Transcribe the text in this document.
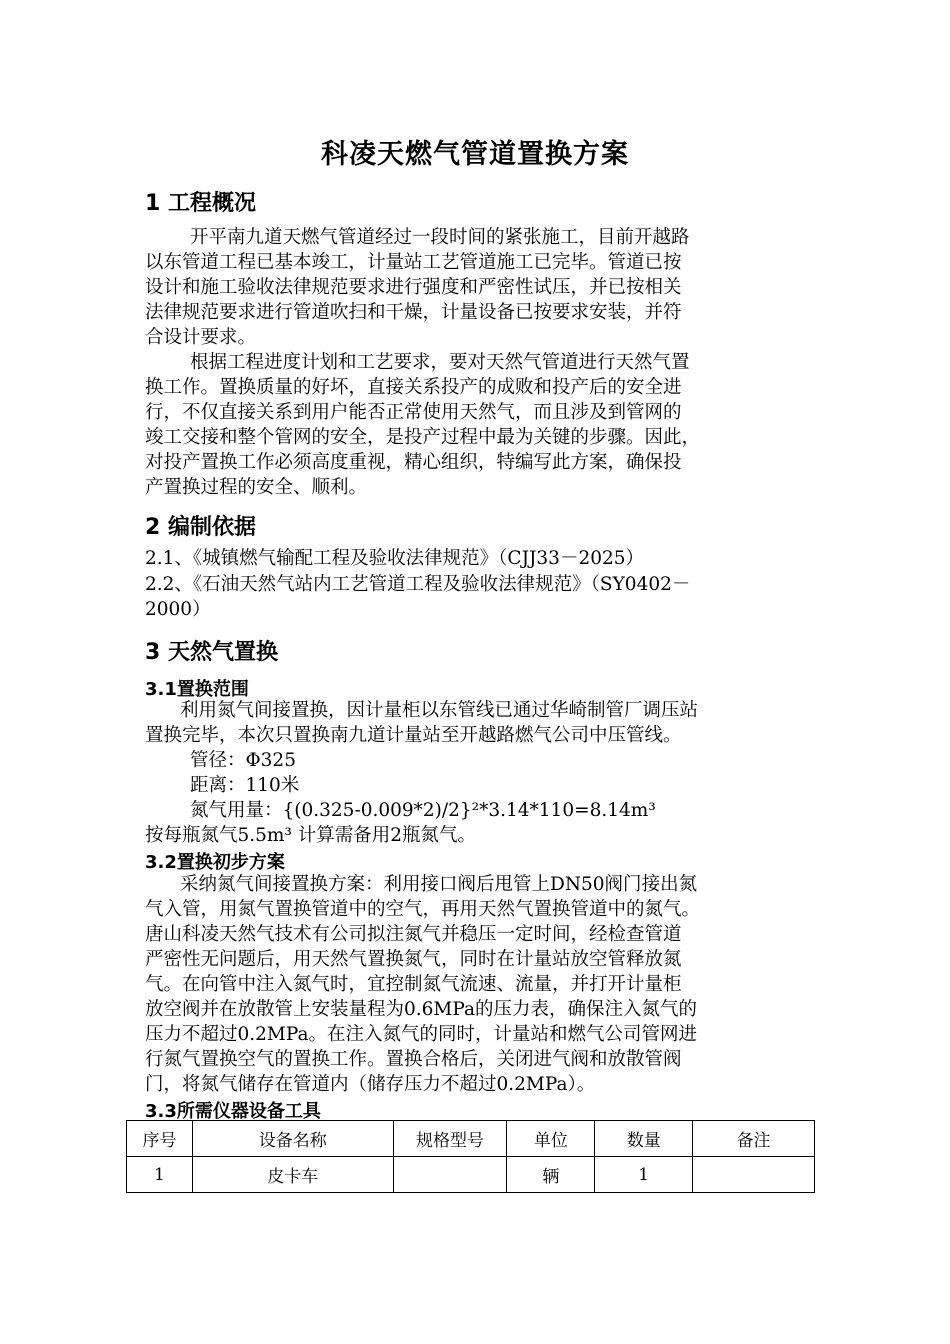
科凌天燃气管道置换方案
1 工程概况
开平南九道天燃气管道经过一段时间的紧张施工，目前开越路
以东管道工程已基本竣工，计量站工艺管道施工已完毕。管道已按
设计和施工验收法律规范要求进行强度和严密性试压，并已按相关
法律规范要求进行管道吹扫和干燥，计量设备已按要求安装，并符
合设计要求。
根据工程进度计划和工艺要求，要对天然气管道进行天然气置
换工作。置换质量的好坏，直接关系投产的成败和投产后的安全进
行，不仅直接关系到用户能否正常使用天然气，而且涉及到管网的
竣工交接和整个管网的安全，是投产过程中最为关键的步骤。因此，
对投产置换工作必须高度重视，精心组织，特编写此方案，确保投
产置换过程的安全、顺利。
2 编制依据
2.1、《城镇燃气输配工程及验收法律规范》（CJJ33－2025）
2.2、《石油天然气站内工艺管道工程及验收法律规范》（SY0402－
2000）
3 天然气置换
3.1置换范围
利用氮气间接置换，因计量柜以东管线已通过华崎制管厂调压站
置换完毕，本次只置换南九道计量站至开越路燃气公司中压管线。
管径：Φ325
距离：110米
氮气用量：{(0.325-0.009*2)/2}²*3.14*110=8.14m³
按每瓶氮气5.5m³ 计算需备用2瓶氮气。
3.2置换初步方案
采纳氮气间接置换方案：利用接口阀后甩管上DN50阀门接出氮
气入管，用氮气置换管道中的空气，再用天然气置换管道中的氮气。
唐山科凌天然气技术有公司拟注氮气并稳压一定时间，经检查管道
严密性无问题后，用天然气置换氮气，同时在计量站放空管释放氮
气。在向管中注入氮气时，宜控制氮气流速、流量，并打开计量柜
放空阀并在放散管上安装量程为0.6MPa的压力表，确保注入氮气的
压力不超过0.2MPa。在注入氮气的同时，计量站和燃气公司管网进
行氮气置换空气的置换工作。置换合格后，关闭进气阀和放散管阀
门，将氮气储存在管道内（储存压力不超过0.2MPa）。
3.3所需仪器设备工具
序号	设备名称	规格型号	单位	数量	备注
1	皮卡车		辆	1	
